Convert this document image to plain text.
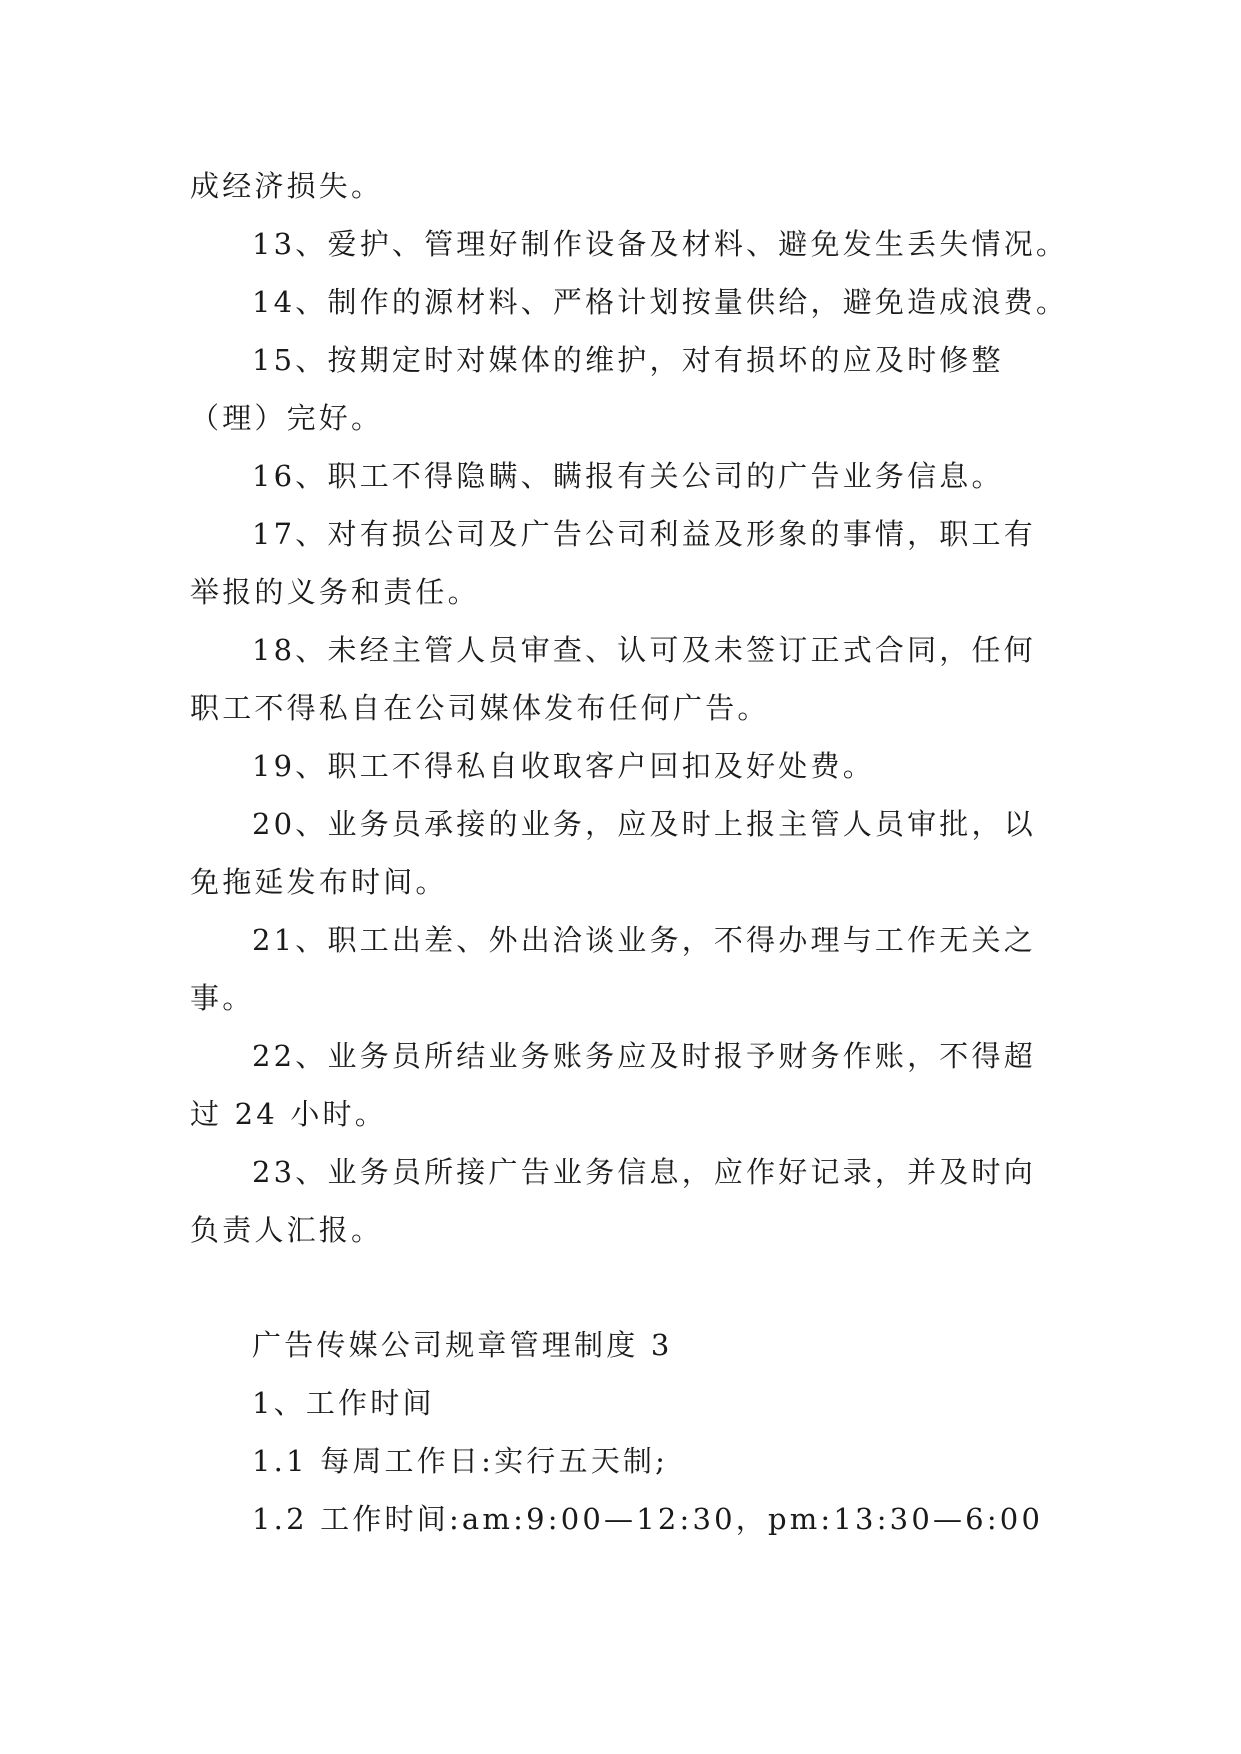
成经济损失。
13、爱护、管理好制作设备及材料、避免发生丢失情况。
14、制作的源材料、严格计划按量供给，避免造成浪费。
15、按期定时对媒体的维护，对有损坏的应及时修整
（理）完好。
16、职工不得隐瞒、瞒报有关公司的广告业务信息。
17、对有损公司及广告公司利益及形象的事情，职工有
举报的义务和责任。
18、未经主管人员审查、认可及未签订正式合同，任何
职工不得私自在公司媒体发布任何广告。
19、职工不得私自收取客户回扣及好处费。
20、业务员承接的业务，应及时上报主管人员审批，以
免拖延发布时间。
21、职工出差、外出洽谈业务，不得办理与工作无关之
事。
22、业务员所结业务账务应及时报予财务作账，不得超
过 24 小时。
23、业务员所接广告业务信息，应作好记录，并及时向
负责人汇报。
广告传媒公司规章管理制度 3
1、工作时间
1.1 每周工作日:实行五天制;
1.2 工作时间:am:9:00—12:30，pm:13:30—6:00
